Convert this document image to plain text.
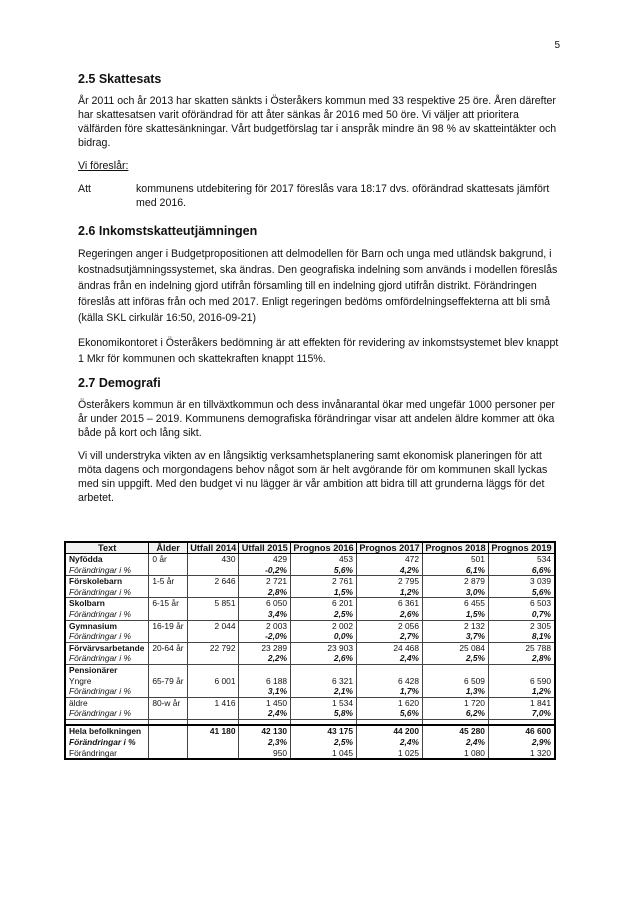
5
2.5 Skattesats

År 2011 och år 2013 har skatten sänkts i Österåkers kommun med 33 respektive 25 öre. Åren därefter har skattesatsen varit oförändrad för att åter sänkas år 2016 med 50 öre. Vi väljer att prioritera välfärden före skattesänkningar. Vårt budgetförslag tar i anspråk mindre än 98 % av skatteintäkter och bidrag.

Vi föreslår:

Att	kommunens utdebitering för 2017 föreslås vara 18:17 dvs. oförändrad skattesats jämfört med 2016.
2.6 Inkomstskatteutjämningen

Regeringen anger i Budgetpropositionen att delmodellen för Barn och unga med utländsk bakgrund, i kostnadsutjämningssystemet, ska ändras. Den geografiska indelning som används i modellen föreslås ändras från en indelning gjord utifrån församling till en indelning gjord utifrån distrikt. Förändringen föreslås att införas från och med 2017. Enligt regeringen bedöms omfördelningseffekterna att bli små (källa SKL cirkulär 16:50, 2016-09-21)

Ekonomikontoret i Österåkers bedömning är att effekten för revidering av inkomstsystemet blev knappt 1 Mkr för kommunen och skattekraften knappt 115%.

2.7 Demografi

Österåkers kommun är en tillväxtkommun och dess invånarantal ökar med ungefär 1000 personer per år under 2015 – 2019. Kommunens demografiska förändringar visar att andelen äldre kommer att öka både på kort och lång sikt.

Vi vill understryka vikten av en långsiktig verksamhetsplanering samt ekonomisk planeringen för att möta dagens och morgondagens behov något som är helt avgörande för om kommunen skall lyckas med sin uppgift. Med den budget vi nu lägger är vår ambition att bidra till att grunderna läggs för det arbetet.

Text	Ålder	Utfall 2014	Utfall 2015	Prognos 2016	Prognos 2017	Prognos 2018	Prognos 2019
Nyfödda	0 år	430	429	453	472	501	534
Förändringar i %			-0,2%	5,6%	4,2%	6,1%	6,6%
Förskolebarn	1-5 år	2 646	2 721	2 761	2 795	2 879	3 039
Förändringar i %			2,8%	1,5%	1,2%	3,0%	5,6%
Skolbarn	6-15 år	5 851	6 050	6 201	6 361	6 455	6 503
Förändringar i %			3,4%	2,5%	2,6%	1,5%	0,7%
Gymnasium	16-19 år	2 044	2 003	2 002	2 056	2 132	2 305
Förändringar i %			-2,0%	0,0%	2,7%	3,7%	8,1%
Förvärvsarbetande	20-64 år	22 792	23 289	23 903	24 468	25 084	25 788
Förändringar i %			2,2%	2,6%	2,4%	2,5%	2,8%
Pensionärer							
Yngre	65-79 år	6 001	6 188	6 321	6 428	6 509	6 590
Förändringar i %			3,1%	2,1%	1,7%	1,3%	1,2%
äldre	80-w år	1 416	1 450	1 534	1 620	1 720	1 841
Förändringar i %			2,4%	5,8%	5,6%	6,2%	7,0%

Hela befolkningen		41 180	42 130	43 175	44 200	45 280	46 600
Förändringar i %			2,3%	2,5%	2,4%	2,4%	2,9%
Förändringar			950	1 045	1 025	1 080	1 320
